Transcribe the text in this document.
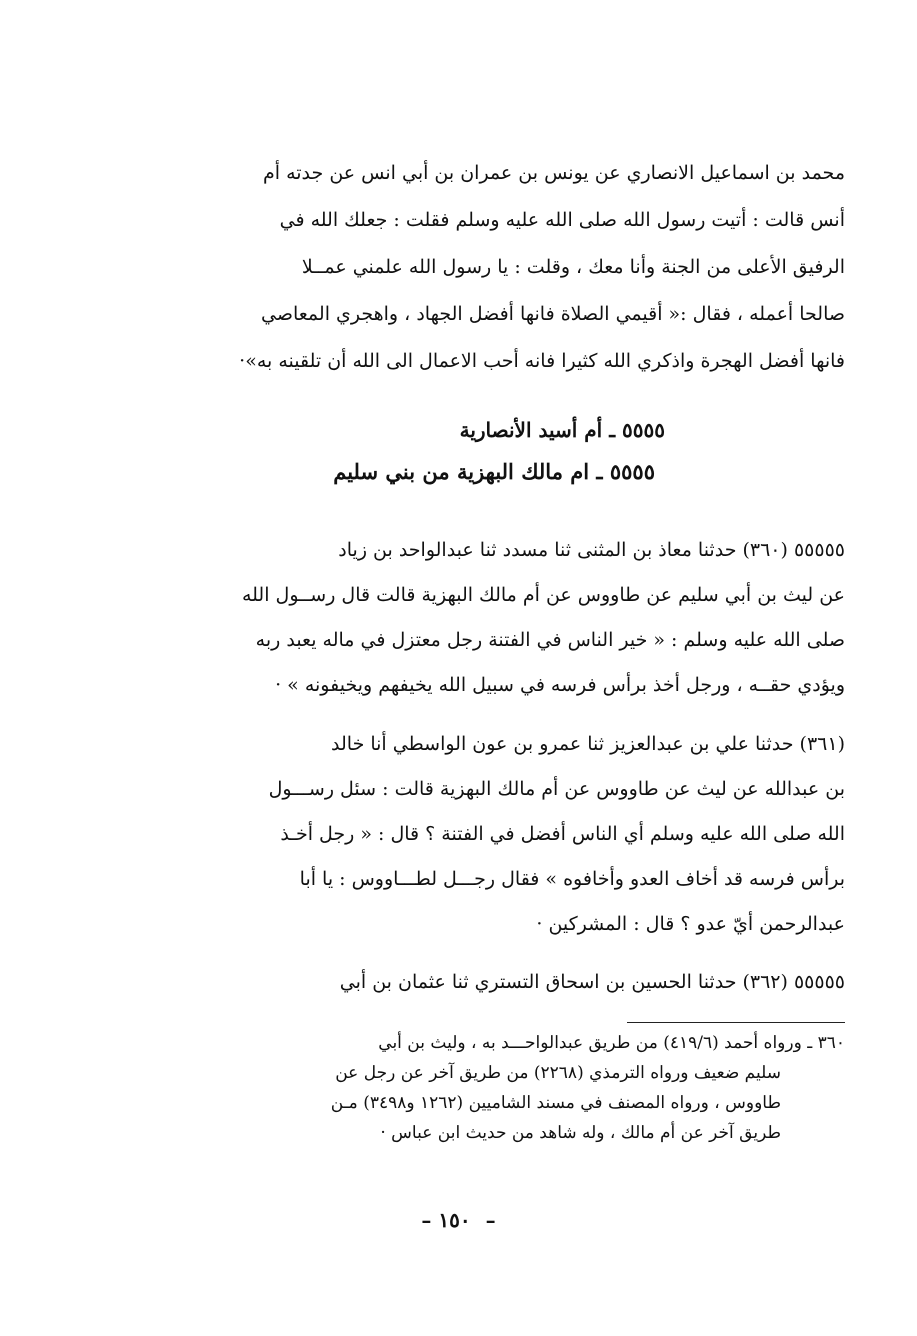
محمد بن اسماعيل الانصاري عن يونس بن عمران بن أبي انس عن جدته أم
أنس قالت : أتيت رسول الله صلى الله عليه وسلم فقلت : جعلك الله في
الرفيق الأعلى من الجنة وأنا معك ، وقلت : يا رسول الله علمني عمــلا
صالحا أعمله ، فقال :« أقيمي الصلاة فانها أفضل الجهاد ، واهجري المعاصي
فانها أفضل الهجرة واذكري الله كثيرا فانه أحب الاعمال الى الله أن تلقينه به»·
٥٥٥٥ ـ أم أسيد الأنصارية
٥٥٥٥ ـ ام مالك البهزية من بني سليم
٥٥٥٥٥ (٣٦٠) حدثنا معاذ بن المثنى ثنا مسدد ثنا عبدالواحد بن زياد
عن ليث بن أبي سليم عن طاووس عن أم مالك البهزية قالت قال رســول الله
صلى الله عليه وسلم : « خير الناس في الفتنة رجل معتزل في ماله يعبد ربه
ويؤدي حقــه ، ورجل أخذ برأس فرسه في سبيل الله يخيفهم ويخيفونه » ·
(٣٦١) حدثنا علي بن عبدالعزيز ثنا عمرو بن عون الواسطي أنا خالد
بن عبدالله عن ليث عن طاووس عن أم مالك البهزية قالت : سئل رســـول
الله صلى الله عليه وسلم أي الناس أفضل في الفتنة ؟ قال : « رجل أخـذ
برأس فرسه قد أخاف العدو وأخافوه » فقال رجـــل لطـــاووس : يا أبا
عبدالرحمن أيّ عدو ؟ قال : المشركين ·
٥٥٥٥٥ (٣٦٢) حدثنا الحسين بن اسحاق التستري ثنا عثمان بن أبي
٣٦٠ ـ ورواه أحمد (٤١٩/٦) من طريق عبدالواحـــد به ، وليث بن أبي
سليم ضعيف ورواه الترمذي (٢٢٦٨) من طريق آخر عن رجل عن
طاووس ، ورواه المصنف في مسند الشاميين (١٢٦٢ و٣٤٩٨) مـن
طريق آخر عن أم مالك ، وله شاهد من حديث ابن عباس ·
– ١٥٠ –
